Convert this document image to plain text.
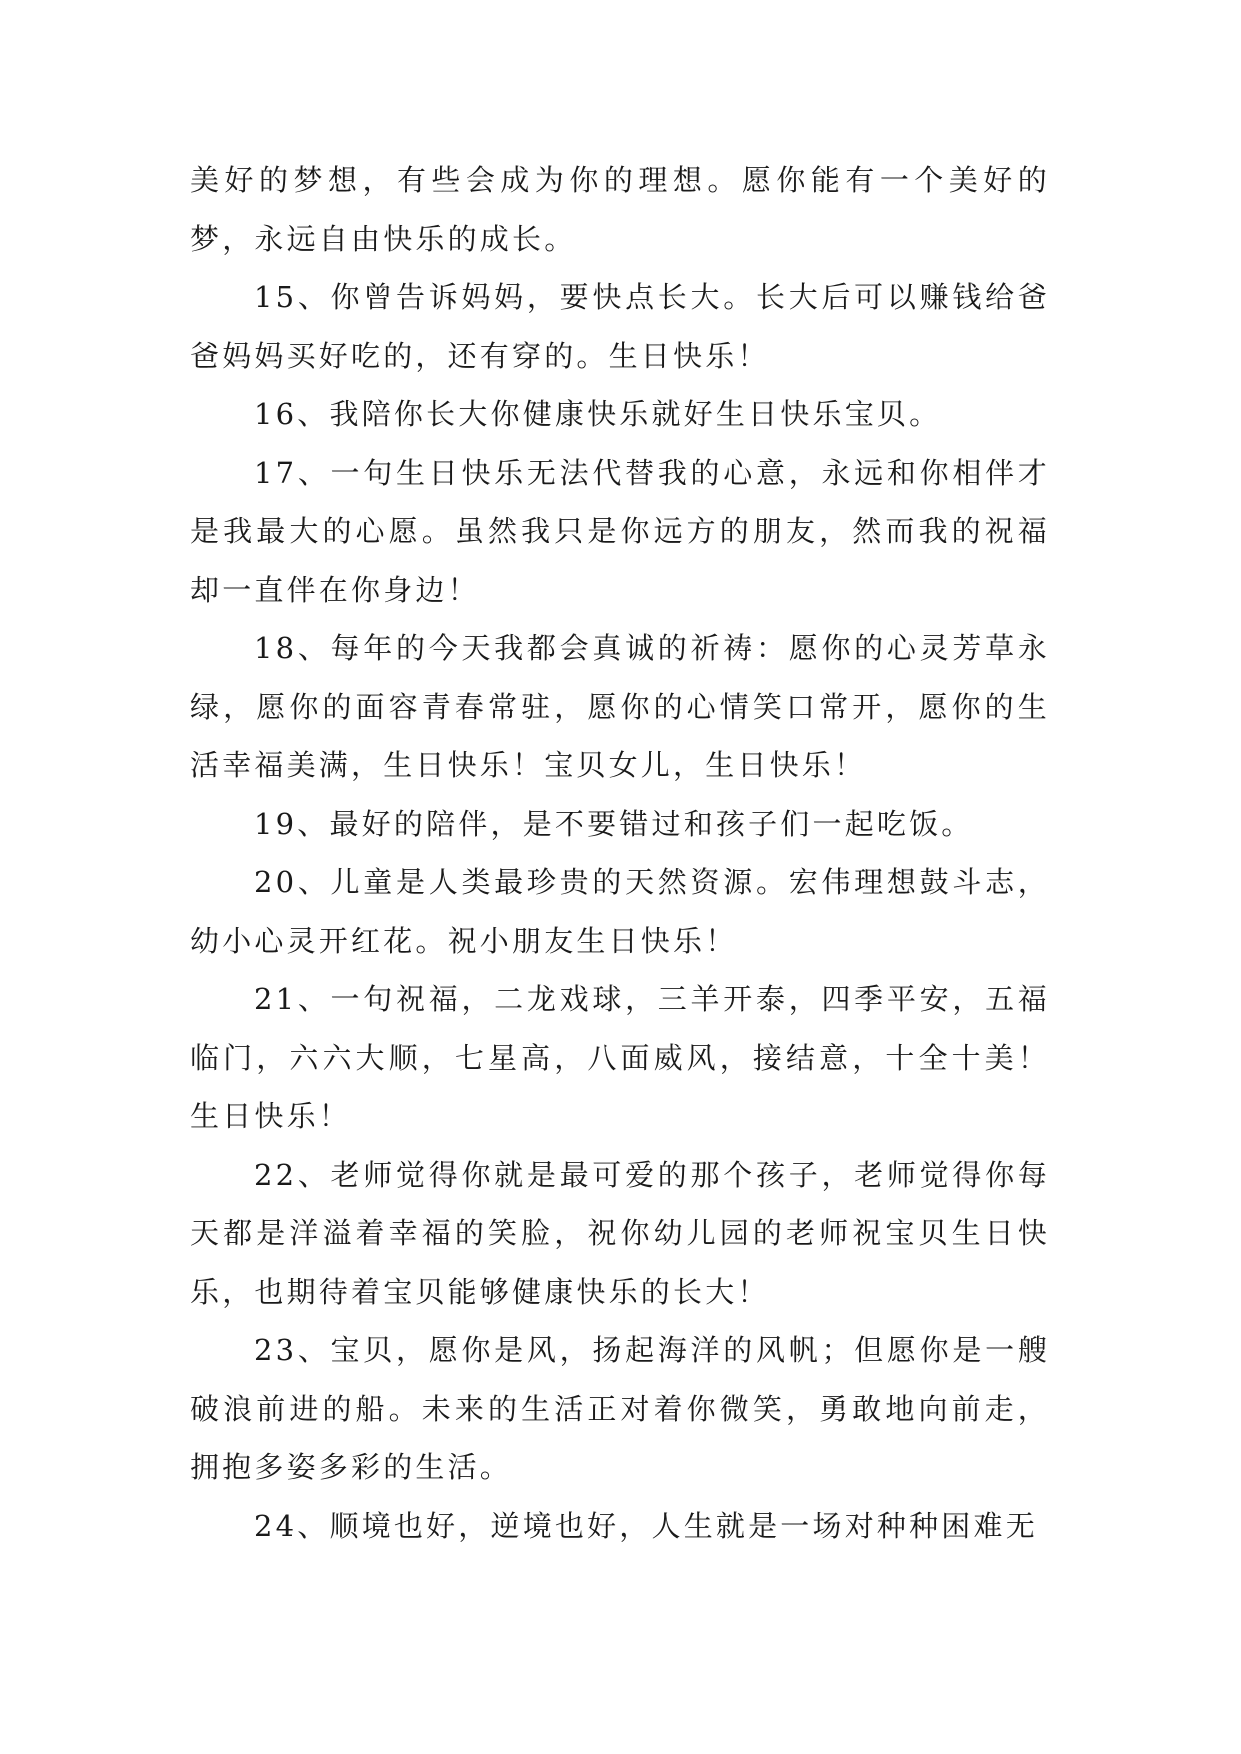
美好的梦想，有些会成为你的理想。愿你能有一个美好的梦，永远自由快乐的成长。

15、你曾告诉妈妈，要快点长大。长大后可以赚钱给爸爸妈妈买好吃的，还有穿的。生日快乐！

16、我陪你长大你健康快乐就好生日快乐宝贝。

17、一句生日快乐无法代替我的心意，永远和你相伴才是我最大的心愿。虽然我只是你远方的朋友，然而我的祝福却一直伴在你身边！

18、每年的今天我都会真诚的祈祷：愿你的心灵芳草永绿，愿你的面容青春常驻，愿你的心情笑口常开，愿你的生活幸福美满，生日快乐！宝贝女儿，生日快乐！

19、最好的陪伴，是不要错过和孩子们一起吃饭。

20、儿童是人类最珍贵的天然资源。宏伟理想鼓斗志，幼小心灵开红花。祝小朋友生日快乐！

21、一句祝福，二龙戏球，三羊开泰，四季平安，五福临门，六六大顺，七星高，八面威风，接结意，十全十美！生日快乐！

22、老师觉得你就是最可爱的那个孩子，老师觉得你每天都是洋溢着幸福的笑脸，祝你幼儿园的老师祝宝贝生日快乐，也期待着宝贝能够健康快乐的长大！

23、宝贝，愿你是风，扬起海洋的风帆；但愿你是一艘破浪前进的船。未来的生活正对着你微笑，勇敢地向前走，拥抱多姿多彩的生活。

24、顺境也好，逆境也好，人生就是一场对种种困难无
